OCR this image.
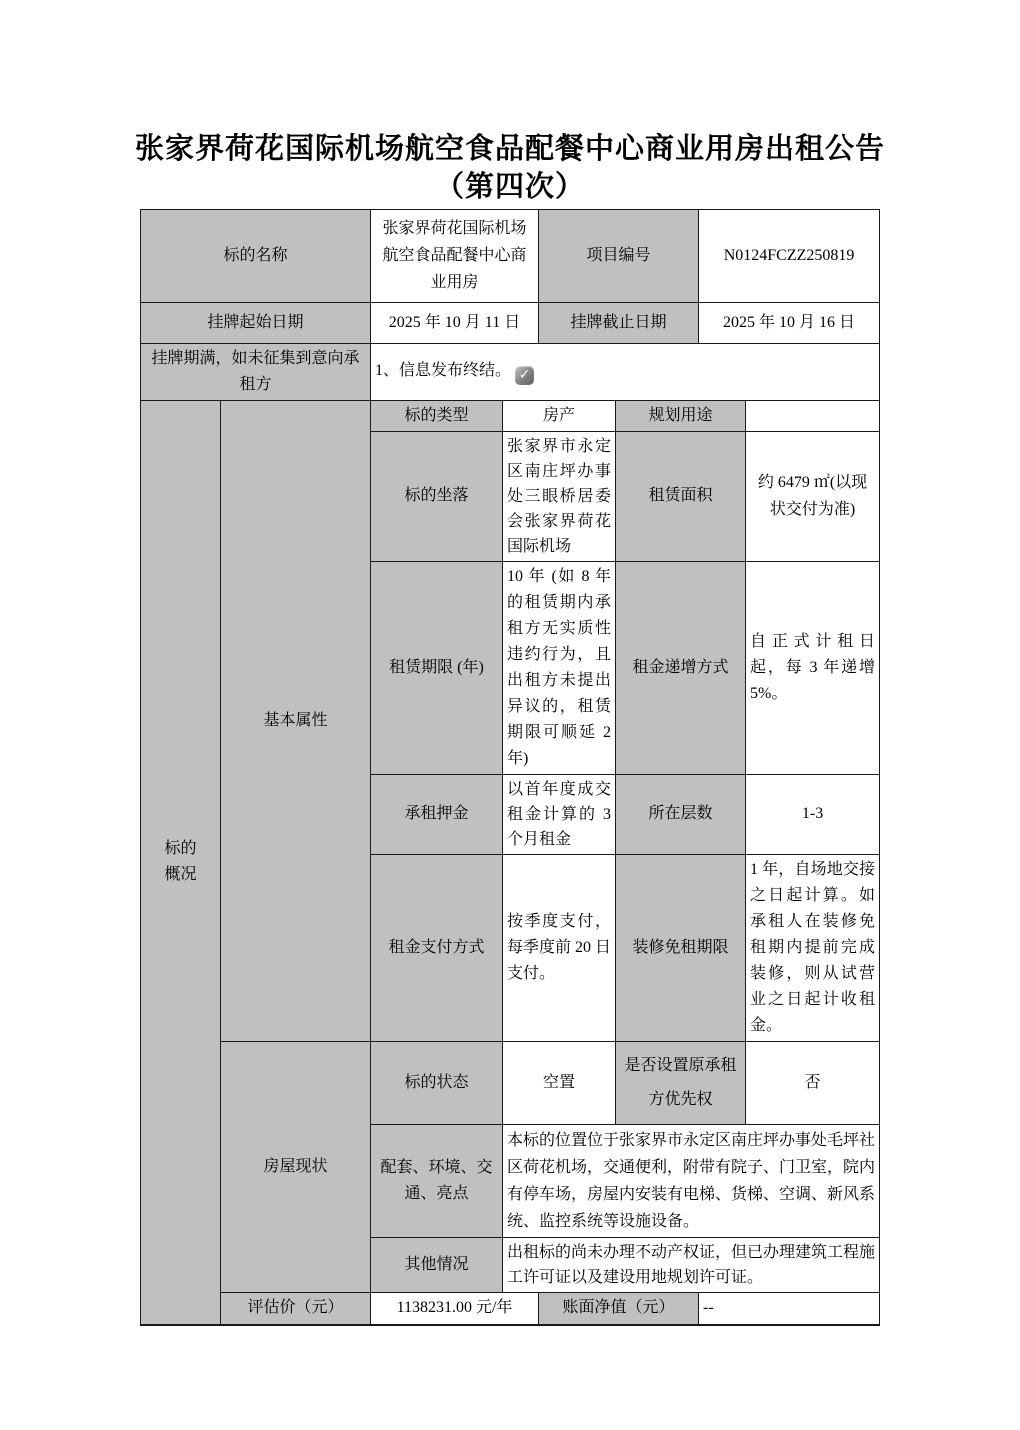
张家界荷花国际机场航空食品配餐中心商业用房出租公告
（第四次）
标的名称		张家界荷花国际机场航空食品配餐中心商业用房		项目编号		N0124FCZZ250819	
挂牌起始日期		2025 年 10 月 11 日		挂牌截止日期		2025 年 10 月 16 日	
挂牌期满，如未征集到意向承租方		1、信息发布终结。 ✓					
标的概况	基本属性	标的类型	房产		规划用途		
		标的坐落	张家界市永定区南庄坪办事处三眼桥居委会张家界荷花国际机场		租赁面积		约 6479 ㎡(以现状交付为准)
		租赁期限 (年)	10 年 (如 8 年的租赁期内承租方无实质性违约行为，且出租方未提出异议的，租赁期限可顺延 2 年)		租金递增方式		自正式计租日起，每 3 年递增 5%。
		承租押金	以首年度成交租金计算的 3 个月租金		所在层数		1-3
		租金支付方式	按季度支付，每季度前 20 日支付。		装修免租期限		1 年，自场地交接之日起计算。如承租人在装修免租期内提前完成装修，则从试营业之日起计收租金。
	房屋现状	标的状态	空置		是否设置原承租方优先权		否
		配套、环境、交通、亮点	本标的位置位于张家界市永定区南庄坪办事处毛坪社区荷花机场，交通便利，附带有院子、门卫室，院内有停车场，房屋内安装有电梯、货梯、空调、新风系统、监控系统等设施设备。				
		其他情况	出租标的尚未办理不动产权证，但已办理建筑工程施工许可证以及建设用地规划许可证。				
	评估价（元）	1138231.00 元/年		账面净值（元）		--	
